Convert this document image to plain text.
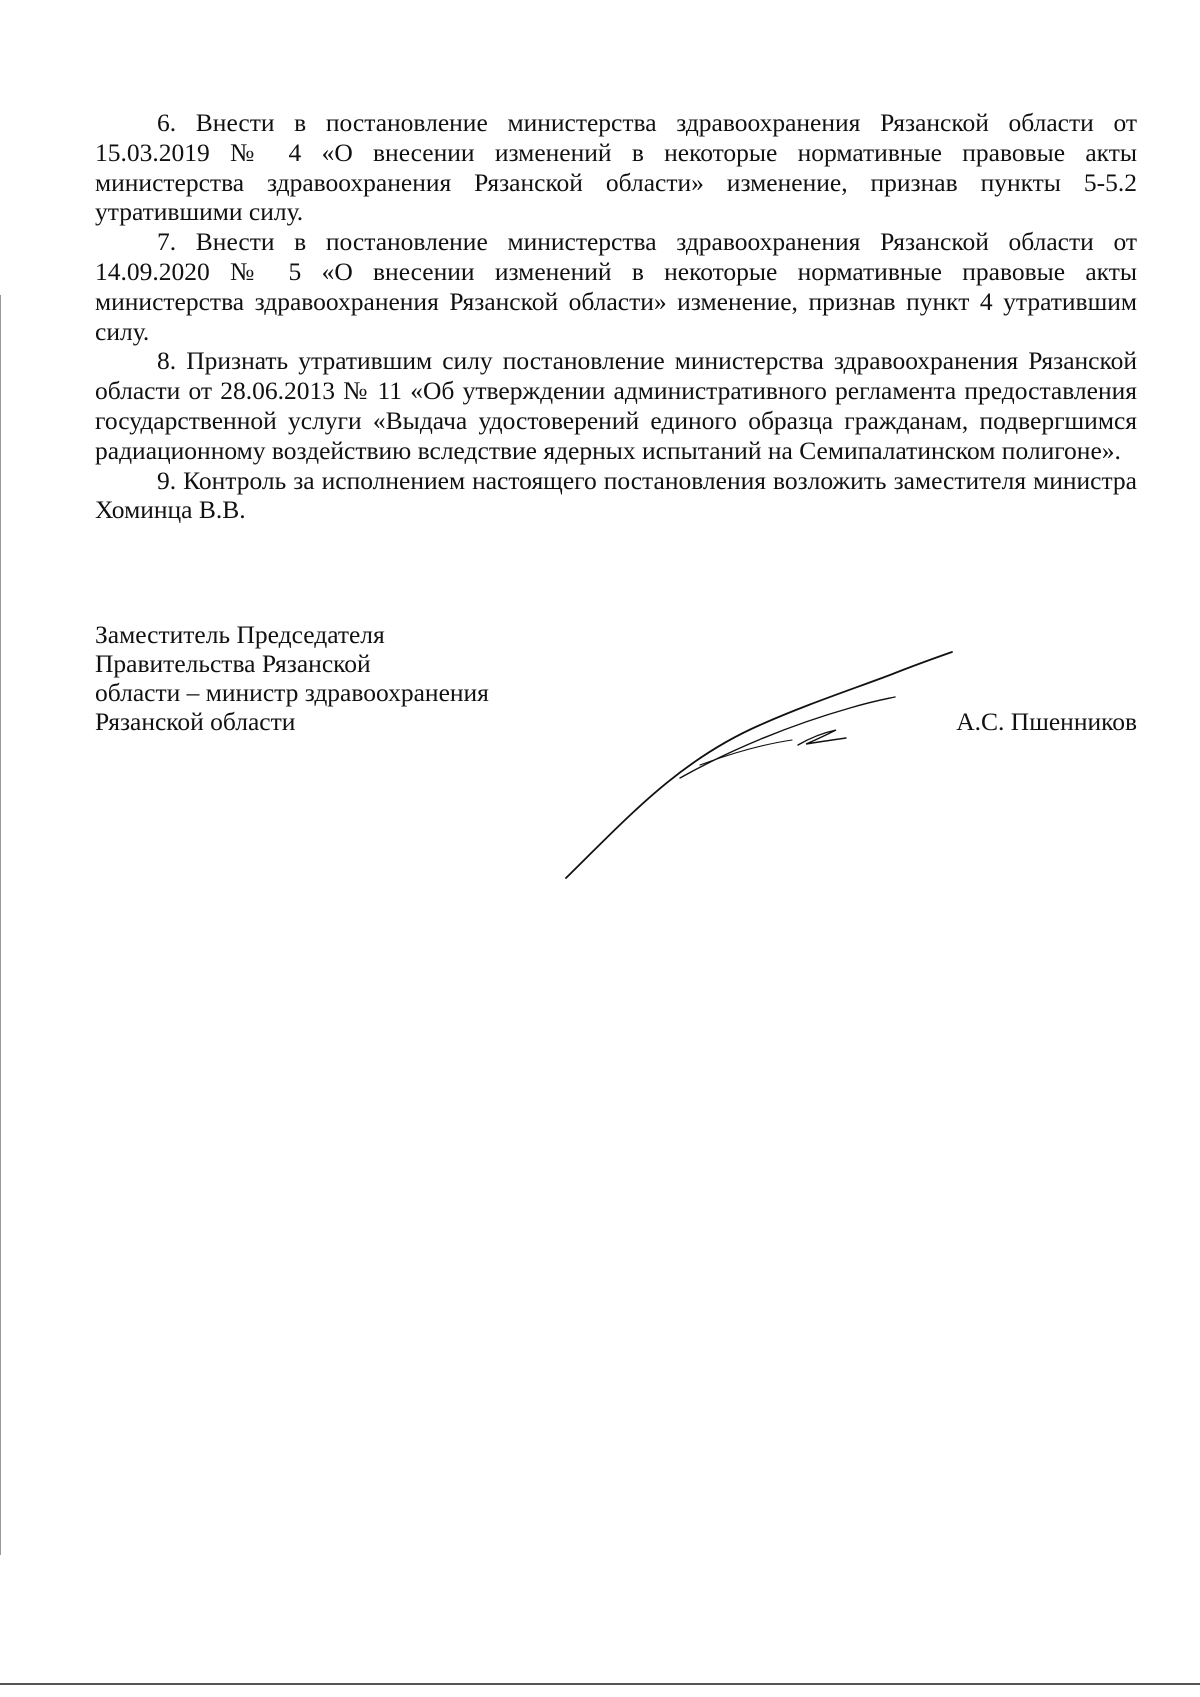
6. Внести в постановление министерства здравоохранения Рязанской области от 15.03.2019 № 4 «О внесении изменений в некоторые нормативные правовые акты министерства здравоохранения Рязанской области» изменение, признав пункты 5-5.2 утратившими силу.

7. Внести в постановление министерства здравоохранения Рязанской области от 14.09.2020 № 5 «О внесении изменений в некоторые нормативные правовые акты министерства здравоохранения Рязанской области» изменение, признав пункт 4 утратившим силу.

8. Признать утратившим силу постановление министерства здравоохранения Рязанской области от 28.06.2013 № 11 «Об утверждении административного регламента предоставления государственной услуги «Выдача удостоверений единого образца гражданам, подвергшимся радиационному воздействию вследствие ядерных испытаний на Семипалатинском полигоне».

9. Контроль за исполнением настоящего постановления возложить заместителя министра Хоминца В.В.

Заместитель Председателя
Правительства Рязанской
области – министр здравоохранения
Рязанской области	А.С. Пшенников
